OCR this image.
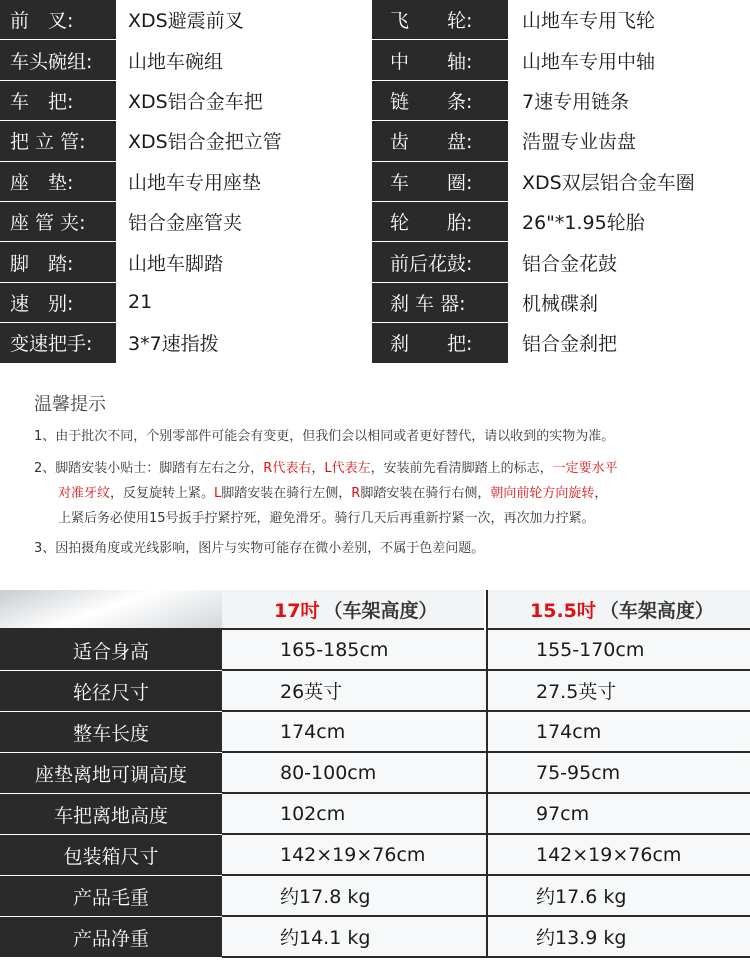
前　叉:	XDS避震前叉	飞　　轮:	山地车专用飞轮
车头碗组:	山地车碗组	中　　轴:	山地车专用中轴
车　把:	XDS铝合金车把	链　　条:	7速专用链条
把 立 管:	XDS铝合金把立管	齿　　盘:	浩盟专业齿盘
座　垫:	山地车专用座垫	车　　圈:	XDS双层铝合金车圈
座 管 夹:	铝合金座管夹	轮　　胎:	26"*1.95轮胎
脚　踏:	山地车脚踏	前后花鼓:	铝合金花鼓
速　别:	21	刹 车 器:	机械碟刹
变速把手:	3*7速指拨	刹　　把:	铝合金刹把
温馨提示
1、由于批次不同，个别零部件可能会有变更，但我们会以相同或者更好替代，请以收到的实物为准。
2、脚踏安装小贴士：脚踏有左右之分，R代表右，L代表左，安装前先看清脚踏上的标志，一定要水平
对准牙纹，反复旋转上紧。L脚踏安装在骑行左侧，R脚踏安装在骑行右侧，朝向前轮方向旋转，
上紧后务必使用15号扳手拧紧拧死，避免滑牙。骑行几天后再重新拧紧一次，再次加力拧紧。
3、因拍摄角度或光线影响，图片与实物可能存在微小差别，不属于色差问题。
17吋 （车架高度）	15.5吋 （车架高度）
适合身高	165-185cm	155-170cm
轮径尺寸	26英寸	27.5英寸
整车长度	174cm	174cm
座垫离地可调高度	80-100cm	75-95cm
车把离地高度	102cm	97cm
包装箱尺寸	142×19×76cm	142×19×76cm
产品毛重	约17.8 kg	约17.6 kg
产品净重	约14.1 kg	约13.9 kg
